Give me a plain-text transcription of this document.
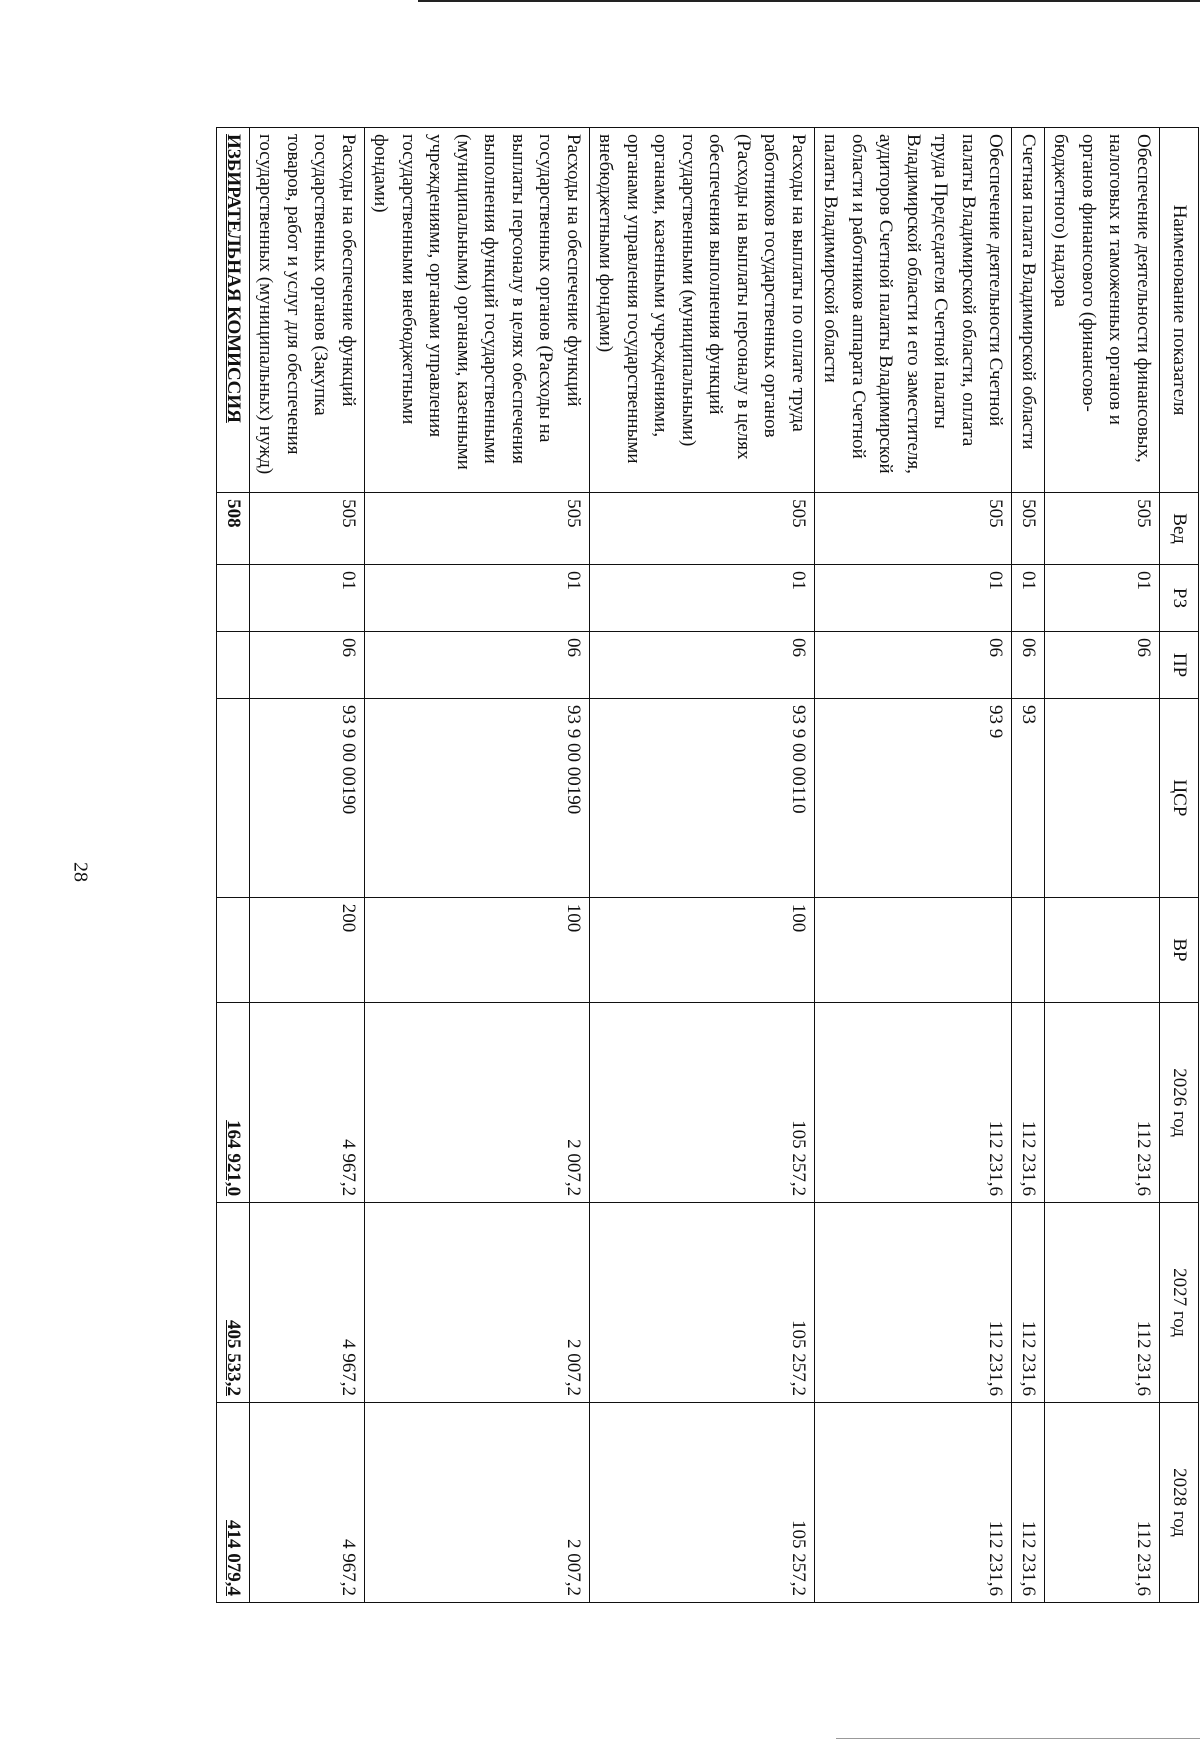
28
Наименование показателя	Вед	РЗ	ПР	ЦСР	ВР	2026 год	2027 год	2028 год
Обеспечение деятельности финансовых, налоговых и таможенных органов и органов финансового (финансово-бюджетного) надзора	505	01	06			112 231,6	112 231,6	112 231,6
Счетная палата Владимирской области	505	01	06	93		112 231,6	112 231,6	112 231,6
Обеспечение деятельности Счетной палаты Владимирской области, оплата труда Председателя Счетной палаты Владимирской области и его заместителя, аудиторов Счетной палаты Владимирской области и работников аппарата Счетной палаты Владимирской области	505	01	06	93 9		112 231,6	112 231,6	112 231,6
Расходы на выплаты по оплате труда работников государственных органов (Расходы на выплаты персоналу в целях обеспечения выполнения функций государственными (муниципальными) органами, казенными учреждениями, органами управления государственными внебюджетными фондами)	505	01	06	93 9 00 00110	100	105 257,2	105 257,2	105 257,2
Расходы на обеспечение функций государственных органов (Расходы на выплаты персоналу в целях обеспечения выполнения функций государственными (муниципальными) органами, казенными учреждениями, органами управления государственными внебюджетными фондами)	505	01	06	93 9 00 00190	100	2 007,2	2 007,2	2 007,2
Расходы на обеспечение функций государственных органов (Закупка товаров, работ и услуг для обеспечения государственных (муниципальных) нужд)	505	01	06	93 9 00 00190	200	4 967,2	4 967,2	4 967,2
ИЗБИРАТЕЛЬНАЯ КОМИССИЯ	508					164 921,0	405 533,2	414 079,4
